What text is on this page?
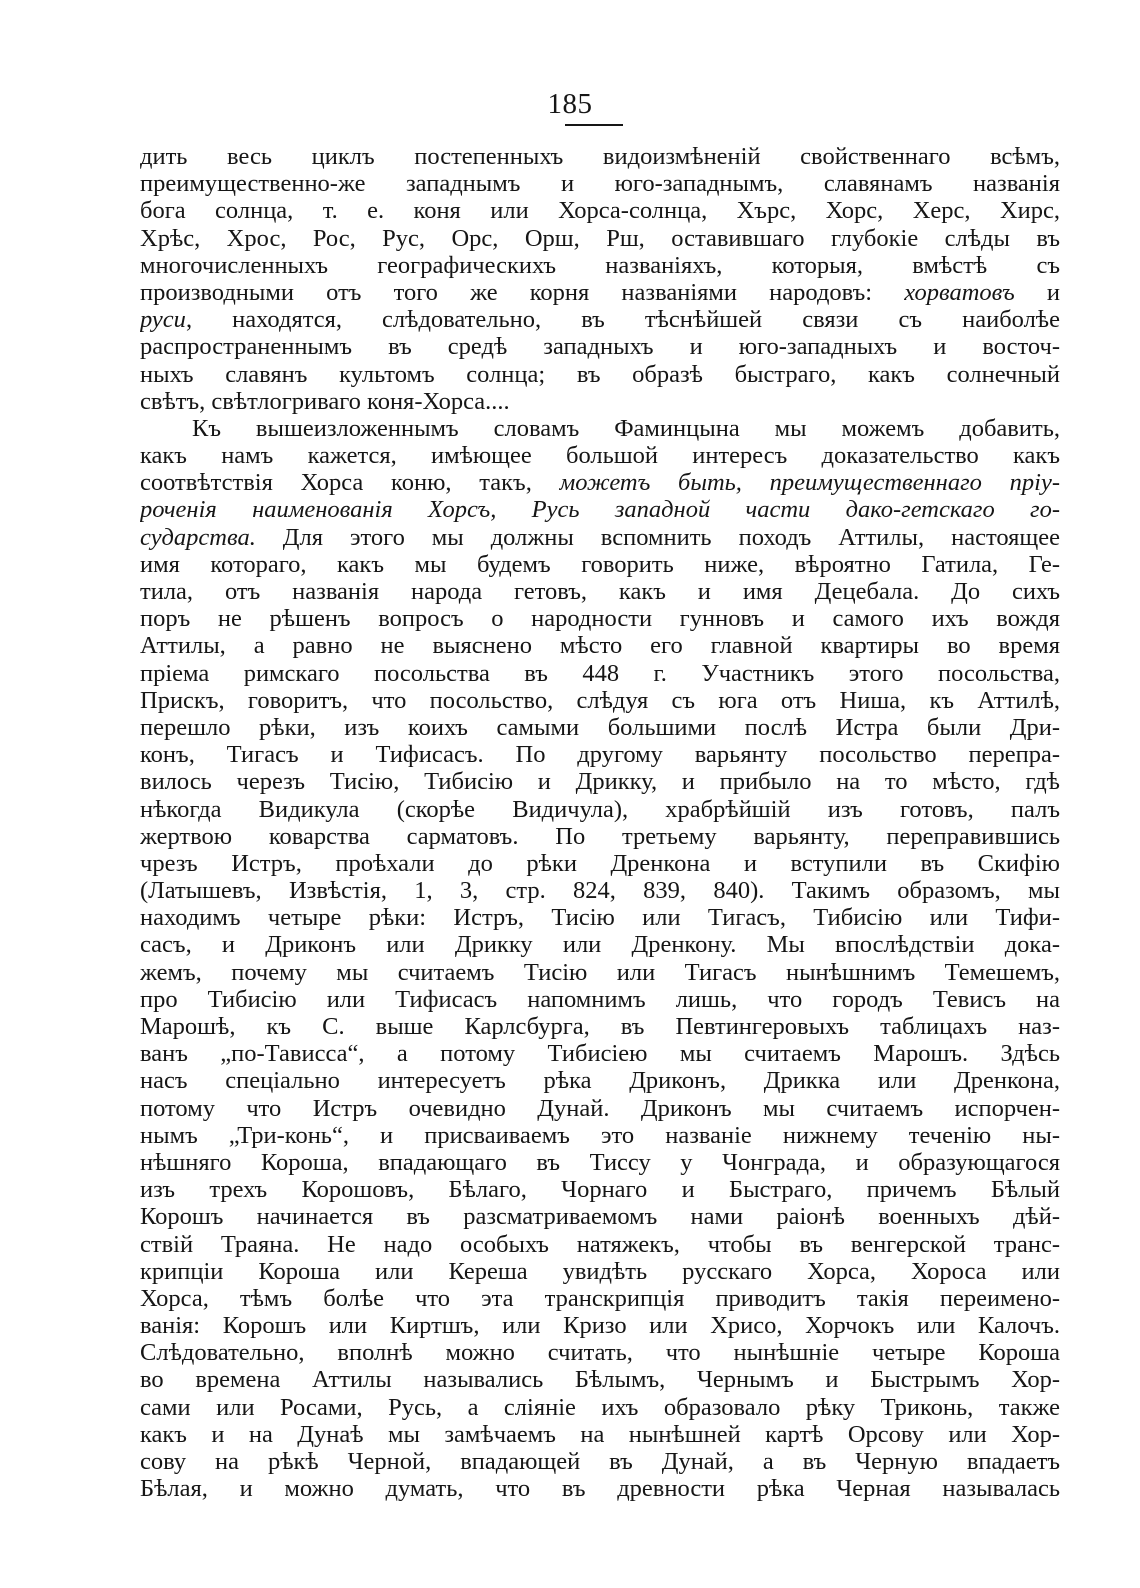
185
дить весь циклъ постепенныхъ видоизмѣненій свойственнаго всѣмъ,
преимущественно-же западнымъ и юго-западнымъ, славянамъ названія
бога солнца, т. е. коня или Хорса-солнца, Хърс, Хорс, Херс, Хирс,
Хрѣс, Хрос, Рос, Рус, Орс, Орш, Рш, оставившаго глубокіе слѣды въ
многочисленныхъ географическихъ названіяхъ, которыя, вмѣстѣ съ
производными отъ того же корня названіями народовъ: хорватовъ и
руси, находятся, слѣдовательно, въ тѣснѣйшей связи съ наиболѣе
распространеннымъ въ средѣ западныхъ и юго-западныхъ и восточ-
ныхъ славянъ культомъ солнца; въ образѣ быстраго, какъ солнечный
свѣтъ, свѣтлогриваго коня-Хорса....
Къ вышеизложеннымъ словамъ Фаминцына мы можемъ добавить,
какъ намъ кажется, имѣющее большой интересъ доказательство какъ
соотвѣтствія Хорса коню, такъ, можетъ быть, преимущественнаго пріу-
роченія наименованія Хорсъ, Русь западной части дако-гетскаго го-
сударства. Для этого мы должны вспомнить походъ Аттилы, настоящее
имя котораго, какъ мы будемъ говорить ниже, вѣроятно Гатила, Ге-
тила, отъ названія народа гетовъ, какъ и имя Децебала. До сихъ
поръ не рѣшенъ вопросъ о народности гунновъ и самого ихъ вождя
Аттилы, а равно не выяснено мѣсто его главной квартиры во время
пріема римскаго посольства въ 448 г. Участникъ этого посольства,
Прискъ, говоритъ, что посольство, слѣдуя съ юга отъ Ниша, къ Аттилѣ,
перешло рѣки, изъ коихъ самыми большими послѣ Истра были Дри-
конъ, Тигасъ и Тифисасъ. По другому варьянту посольство перепра-
вилось черезъ Тисію, Тибисію и Дрикку, и прибыло на то мѣсто, гдѣ
нѣкогда Видикула (скорѣе Видичула), храбрѣйшій изъ готовъ, палъ
жертвою коварства сарматовъ. По третьему варьянту, переправившись
чрезъ Истръ, проѣхали до рѣки Дренкона и вступили въ Скифію
(Латышевъ, Извѣстія, 1, 3, стр. 824, 839, 840). Такимъ образомъ, мы
находимъ четыре рѣки: Истръ, Тисію или Тигасъ, Тибисію или Тифи-
сасъ, и Дриконъ или Дрикку или Дренкону. Мы впослѣдствіи дока-
жемъ, почему мы считаемъ Тисію или Тигасъ нынѣшнимъ Темешемъ,
про Тибисію или Тифисасъ напомнимъ лишь, что городъ Тевисъ на
Марошѣ, къ С. выше Карлсбурга, въ Певтингеровыхъ таблицахъ наз-
ванъ „по-Тависса“, а потому Тибисіею мы считаемъ Марошъ. Здѣсь
насъ спеціально интересуетъ рѣка Дриконъ, Дрикка или Дренкона,
потому что Истръ очевидно Дунай. Дриконъ мы считаемъ испорчен-
нымъ „Три-конь“, и присваиваемъ это названіе нижнему теченію ны-
нѣшняго Короша, впадающаго въ Тиссу у Чонграда, и образующагося
изъ трехъ Корошовъ, Бѣлаго, Чорнаго и Быстраго, причемъ Бѣлый
Корошъ начинается въ разсматриваемомъ нами раіонѣ военныхъ дѣй-
ствій Траяна. Не надо особыхъ натяжекъ, чтобы въ венгерской транс-
крипціи Короша или Кереша увидѣть русскаго Хорса, Хороса или
Хорса, тѣмъ болѣе что эта транскрипція приводитъ такія переимено-
ванія: Корошъ или Киртшъ, или Кризо или Хрисо, Хорчокъ или Калочъ.
Слѣдовательно, вполнѣ можно считать, что нынѣшніе четыре Короша
во времена Аттилы назывались Бѣлымъ, Чернымъ и Быстрымъ Хор-
сами или Росами, Русь, а сліяніе ихъ образовало рѣку Триконь, также
какъ и на Дунаѣ мы замѣчаемъ на нынѣшней картѣ Орсову или Хор-
сову на рѣкѣ Черной, впадающей въ Дунай, а въ Черную впадаетъ
Бѣлая, и можно думать, что въ древности рѣка Черная называлась
